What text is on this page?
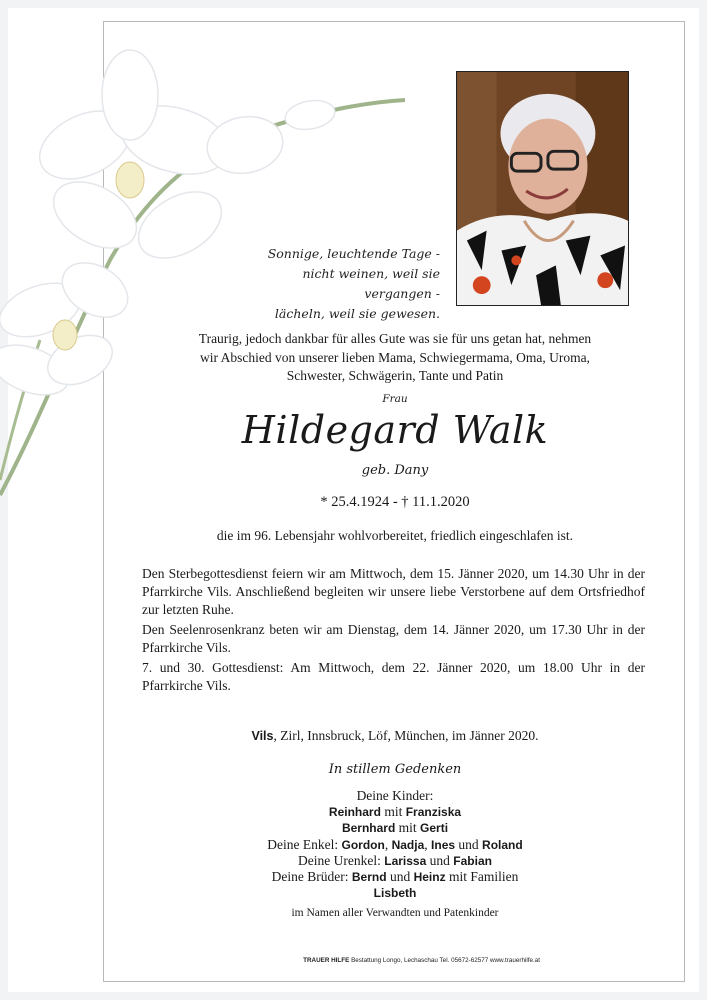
Sonnige, leuchtende Tage -
nicht weinen, weil sie vergangen -
lächeln, weil sie gewesen.
Traurig, jedoch dankbar für alles Gute was sie für uns getan hat, nehmen
wir Abschied von unserer lieben Mama, Schwiegermama, Oma, Uroma,
Schwester, Schwägerin, Tante und Patin
Frau
Hildegard Walk
geb. Dany
* 25.4.1924 - † 11.1.2020
die im 96. Lebensjahr wohlvorbereitet, friedlich eingeschlafen ist.
Den Sterbegottesdienst feiern wir am Mittwoch, dem 15. Jänner 2020, um 14.30 Uhr in der Pfarrkirche Vils. Anschließend begleiten wir unsere liebe Verstorbene auf dem Ortsfriedhof zur letzten Ruhe.
Den Seelenrosenkranz beten wir am Dienstag, dem 14. Jänner 2020, um 17.30 Uhr in der Pfarrkirche Vils.
7. und 30. Gottesdienst: Am Mittwoch, dem 22. Jänner 2020, um 18.00 Uhr in der Pfarrkirche Vils.
Vils, Zirl, Innsbruck, Löf, München, im Jänner 2020.
In stillem Gedenken
Deine Kinder:
Reinhard mit Franziska
Bernhard mit Gerti
Deine Enkel: Gordon, Nadja, Ines und Roland
Deine Urenkel: Larissa und Fabian
Deine Brüder: Bernd und Heinz mit Familien
Lisbeth
im Namen aller Verwandten und Patenkinder
TRAUER HILFE Bestattung Longo, Lechaschau Tel. 05672-62577 www.trauerhilfe.at
